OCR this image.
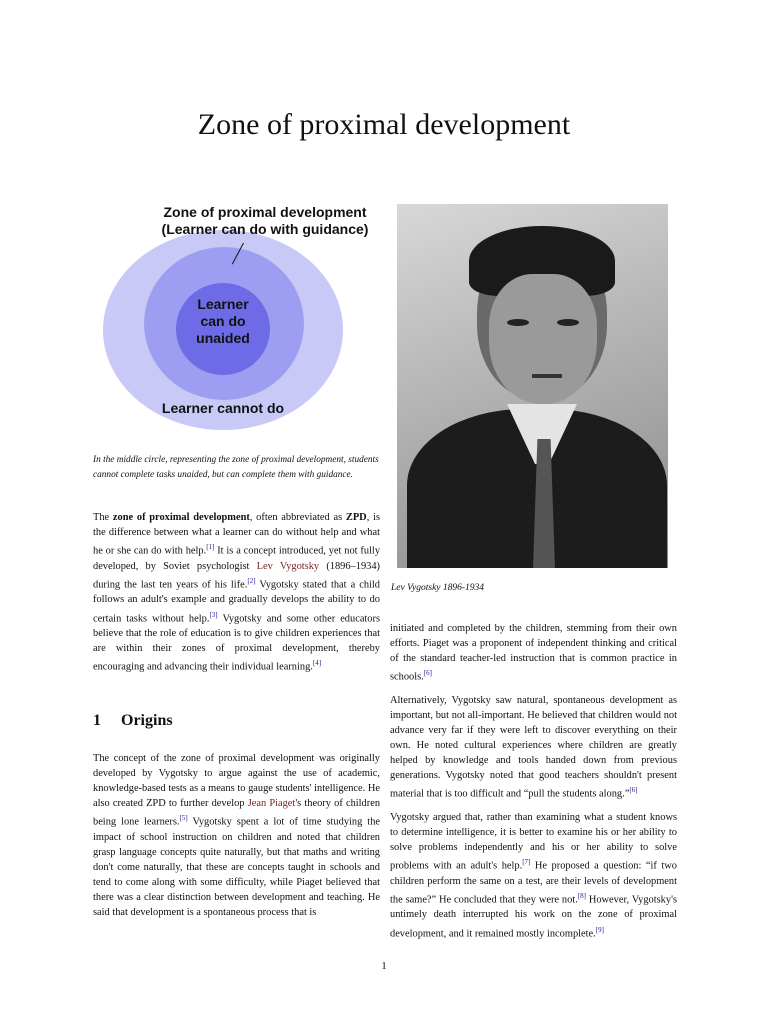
Zone of proximal development
Zone of proximal development
(Learner can do with guidance)
Learner
can do
unaided
Learner cannot do
In the middle circle, representing the zone of proximal development, students cannot complete tasks unaided, but can complete them with guidance.
Lev Vygotsky 1896-1934

The zone of proximal development, often abbreviated as ZPD, is the difference between what a learner can do without help and what he or she can do with help.[1] It is a concept introduced, yet not fully developed, by Soviet psychologist Lev Vygotsky (1896–1934) during the last ten years of his life.[2] Vygotsky stated that a child follows an adult's example and gradually develops the ability to do certain tasks without help.[3] Vygotsky and some other educators believe that the role of education is to give children experiences that are within their zones of proximal development, thereby encouraging and advancing their individual learning.[4]

1 Origins

The concept of the zone of proximal development was originally developed by Vygotsky to argue against the use of academic, knowledge-based tests as a means to gauge students' intelligence. He also created ZPD to further develop Jean Piaget's theory of children being lone learners.[5] Vygotsky spent a lot of time studying the impact of school instruction on children and noted that children grasp language concepts quite naturally, but that maths and writing don't come naturally, that these are concepts taught in schools and tend to come along with some difficulty, while Piaget believed that there was a clear distinction between development and teaching. He said that development is a spontaneous process that is

initiated and completed by the children, stemming from their own efforts. Piaget was a proponent of independent thinking and critical of the standard teacher-led instruction that is common practice in schools.[6]

Alternatively, Vygotsky saw natural, spontaneous development as important, but not all-important. He believed that children would not advance very far if they were left to discover everything on their own. He noted cultural experiences where children are greatly helped by knowledge and tools handed down from previous generations. Vygotsky noted that good teachers shouldn't present material that is too difficult and “pull the students along.”[6]

Vygotsky argued that, rather than examining what a student knows to determine intelligence, it is better to examine his or her ability to solve problems independently and his or her ability to solve problems with an adult's help.[7] He proposed a question: “if two children perform the same on a test, are their levels of development the same?” He concluded that they were not.[8] However, Vygotsky's untimely death interrupted his work on the zone of proximal development, and it remained mostly incomplete.[9]

1
